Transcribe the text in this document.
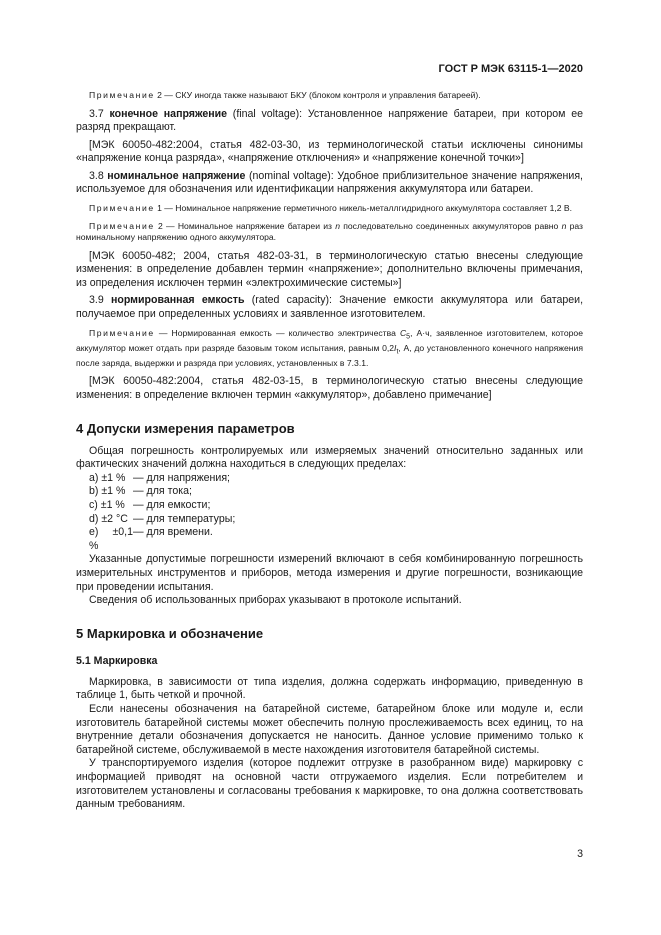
ГОСТ Р МЭК 63115-1—2020

Примечание 2 — СКУ иногда также называют БКУ (блоком контроля и управления батареей).

3.7 конечное напряжение (final voltage): Установленное напряжение батареи, при котором ее разряд прекращают.

[МЭК 60050-482:2004, статья 482-03-30, из терминологической статьи исключены синонимы «напряжение конца разряда», «напряжение отключения» и «напряжение конечной точки»]

3.8 номинальное напряжение (nominal voltage): Удобное приблизительное значение напряжения, используемое для обозначения или идентификации напряжения аккумулятора или батареи.

Примечание 1 — Номинальное напряжение герметичного никель-металлгидридного аккумулятора составляет 1,2 В.

Примечание 2 — Номинальное напряжение батареи из n последовательно соединенных аккумуляторов равно n раз номинальному напряжению одного аккумулятора.

[МЭК 60050-482; 2004, статья 482-03-31, в терминологическую статью внесены следующие изменения: в определение добавлен термин «напряжение»; дополнительно включены примечания, из определения исключен термин «электрохимические системы»]

3.9 нормированная емкость (rated capacity): Значение емкости аккумулятора или батареи, получаемое при определенных условиях и заявленное изготовителем.

Примечание — Нормированная емкость — количество электричества $C_5$, А·ч, заявленное изготовителем, которое аккумулятор может отдать при разряде базовым током испытания, равным $0,2I_t$, А, до установленного конечного напряжения после заряда, выдержки и разряда при условиях, установленных в 7.3.1.

[МЭК 60050-482:2004, статья 482-03-15, в терминологическую статью внесены следующие изменения: в определение включен термин «аккумулятор», добавлено примечание]

4 Допуски измерения параметров

Общая погрешность контролируемых или измеряемых значений относительно заданных или фактических значений должна находиться в следующих пределах:

а) ±1 % — для напряжения;

b) ±1 % — для тока;

c) ±1 % — для емкости;

d) ±2 °С — для температуры;

e) ±0,1 %
— для времени.

Указанные допустимые погрешности измерений включают в себя комбинированную погрешность измерительных инструментов и приборов, метода измерения и другие погрешности, возникающие при проведении испытания.

Сведения об использованных приборах указывают в протоколе испытаний.

5 Маркировка и обозначение
5.1 Маркировка

Маркировка, в зависимости от типа изделия, должна содержать информацию, приведенную в таблице 1, быть четкой и прочной.

Если нанесены обозначения на батарейной системе, батарейном блоке или модуле и, если изготовитель батарейной системы может обеспечить полную прослеживаемость всех единиц, то на внутренние детали обозначения допускается не наносить. Данное условие применимо только к батарейной системе, обслуживаемой в месте нахождения изготовителя батарейной системы.

У транспортируемого изделия (которое подлежит отгрузке в разобранном виде) маркировку с информацией приводят на основной части отгружаемого изделия. Если потребителем и изготовителем установлены и согласованы требования к маркировке, то она должна соответствовать данным требованиям.

3
